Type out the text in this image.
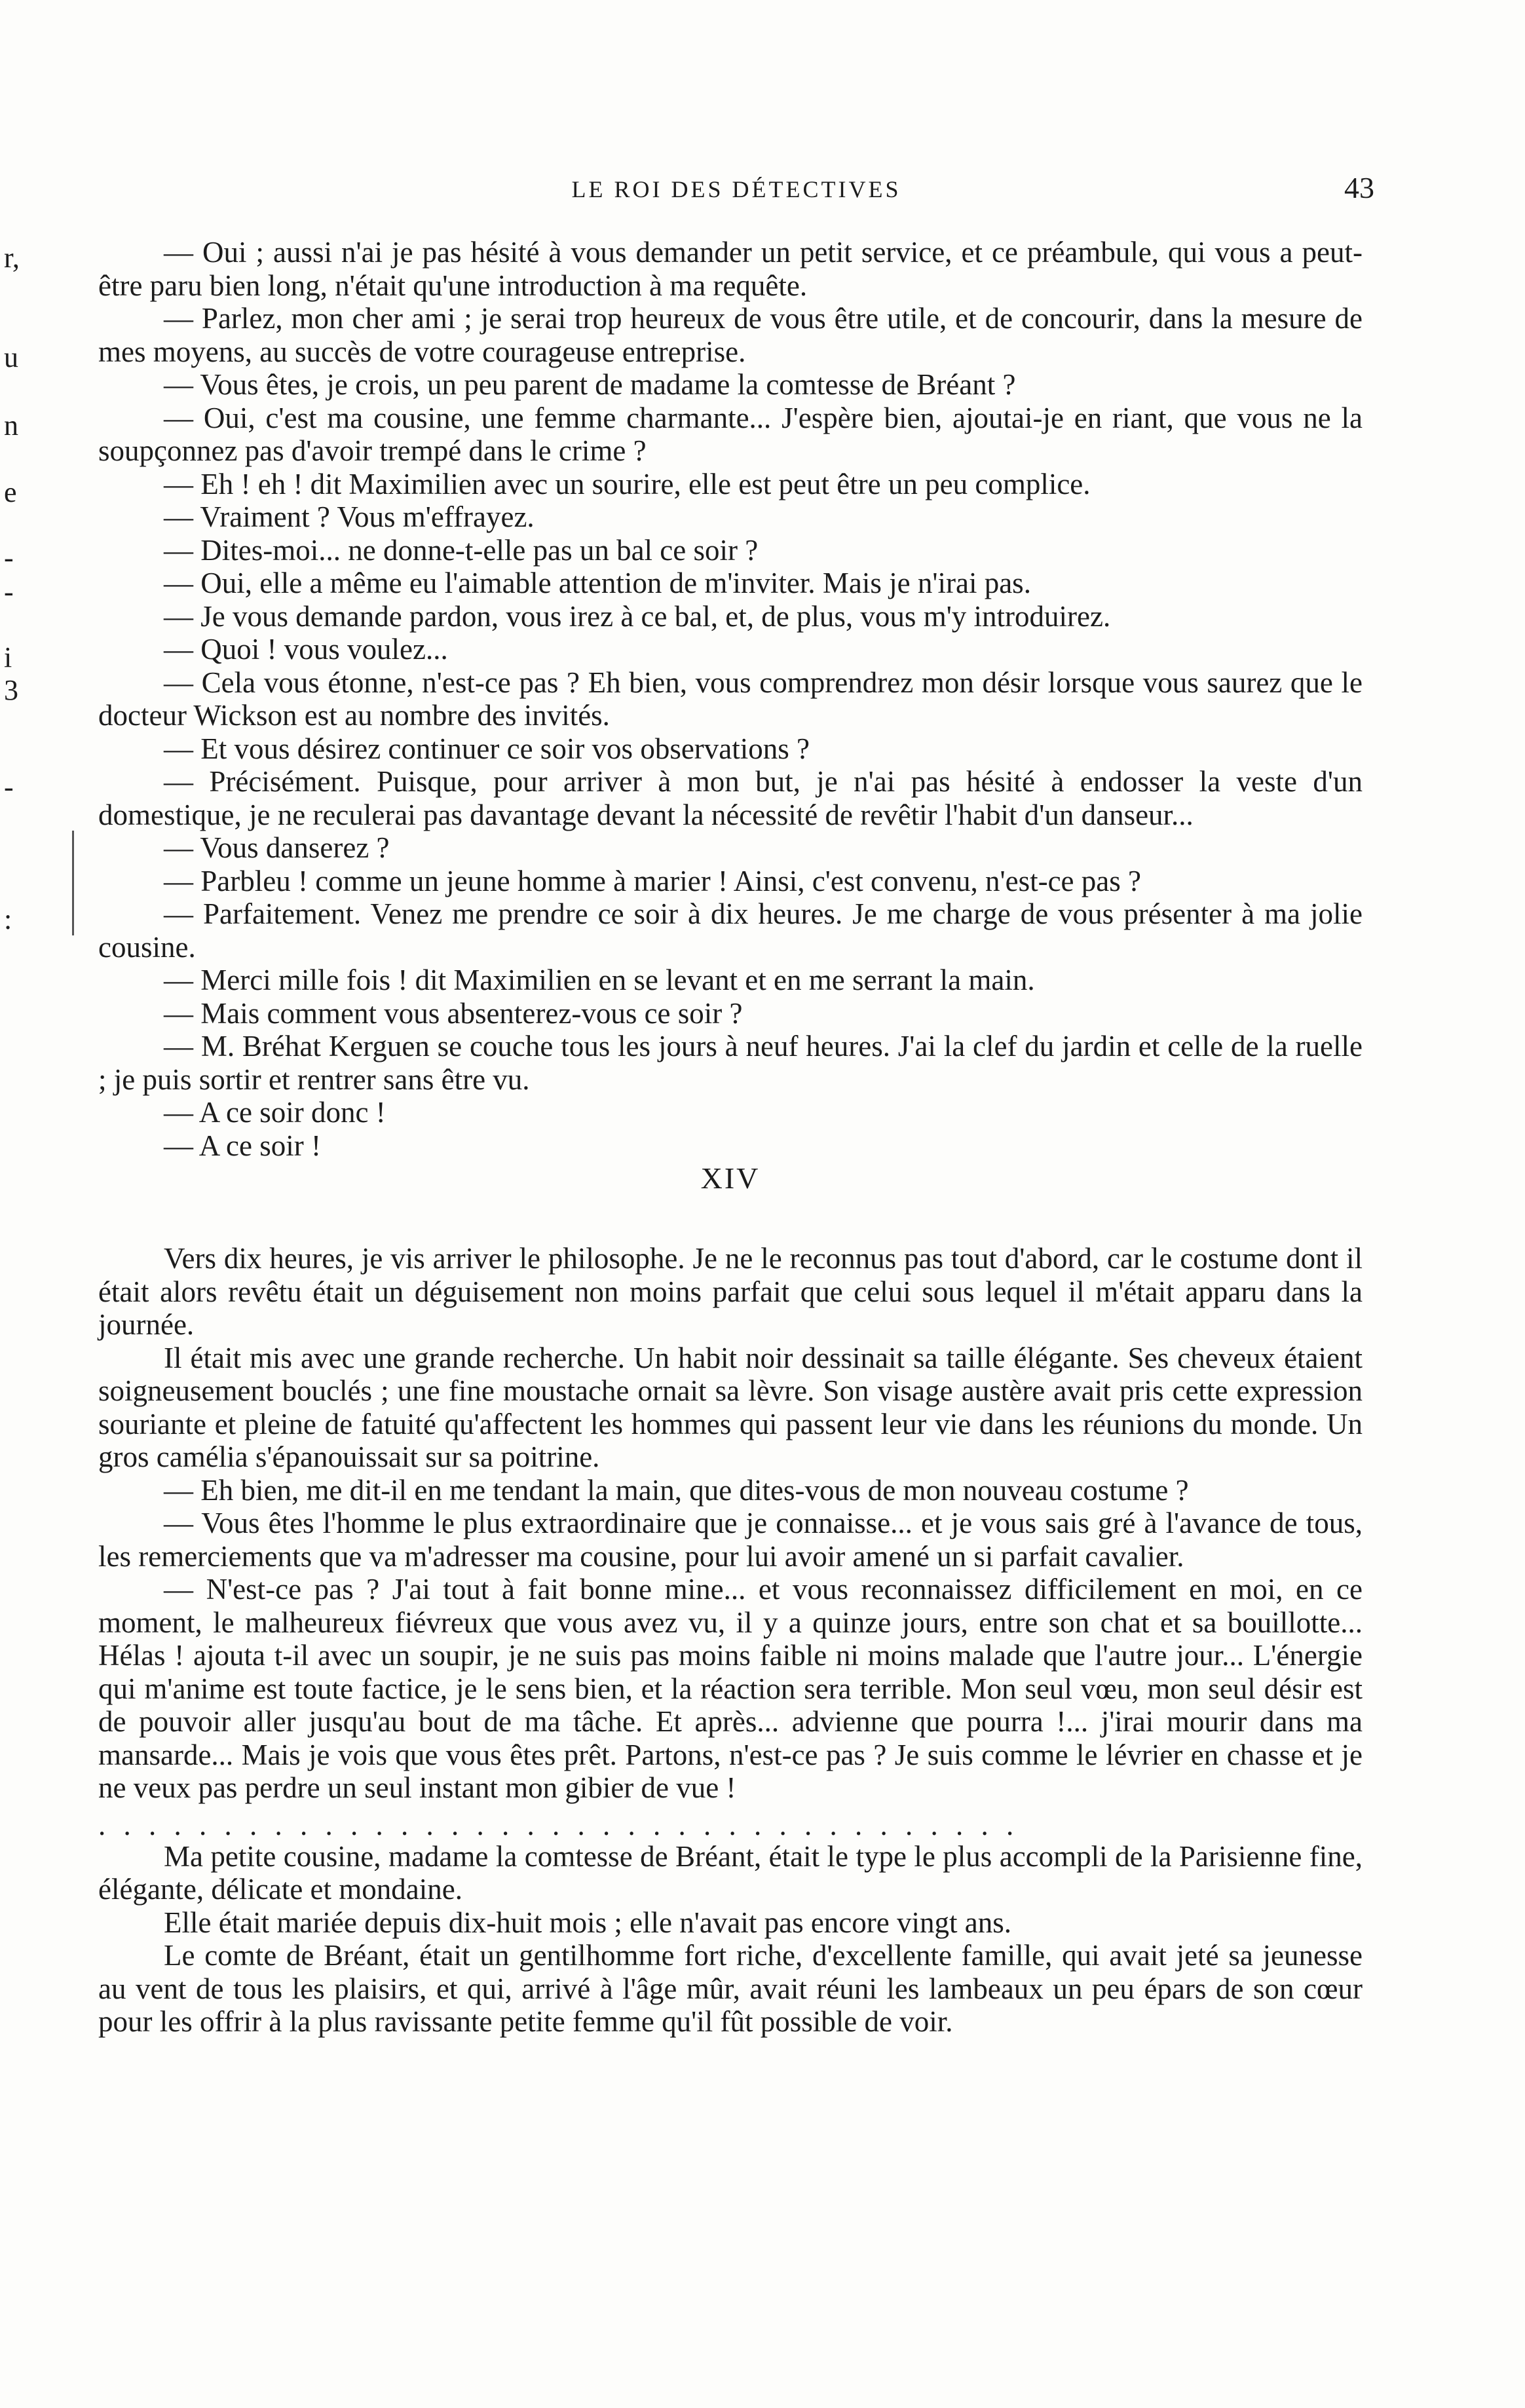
LE ROI DES DÉTECTIVES	43
r,
u
n
e
-
-
i
3
-
:

— Oui ; aussi n'ai je pas hésité à vous demander un petit service, et ce préambule, qui vous a peut-être paru bien long, n'était qu'une introduction à ma requête.

— Parlez, mon cher ami ; je serai trop heureux de vous être utile, et de concourir, dans la mesure de mes moyens, au succès de votre courageuse entreprise.

— Vous êtes, je crois, un peu parent de madame la comtesse de Bréant ?

— Oui, c'est ma cousine, une femme charmante... J'espère bien, ajoutai-je en riant, que vous ne la soupçonnez pas d'avoir trempé dans le crime ?

— Eh ! eh ! dit Maximilien avec un sourire, elle est peut être un peu complice.

— Vraiment ? Vous m'effrayez.

— Dites-moi... ne donne-t-elle pas un bal ce soir ?

— Oui, elle a même eu l'aimable attention de m'inviter. Mais je n'irai pas.

— Je vous demande pardon, vous irez à ce bal, et, de plus, vous m'y introduirez.

— Quoi ! vous voulez...

— Cela vous étonne, n'est-ce pas ? Eh bien, vous comprendrez mon désir lorsque vous saurez que le docteur Wickson est au nombre des invités.

— Et vous désirez continuer ce soir vos observations ?

— Précisément. Puisque, pour arriver à mon but, je n'ai pas hésité à endosser la veste d'un domestique, je ne reculerai pas davantage devant la nécessité de revêtir l'habit d'un danseur...

— Vous danserez ?

— Parbleu ! comme un jeune homme à marier ! Ainsi, c'est convenu, n'est-ce pas ?

— Parfaitement. Venez me prendre ce soir à dix heures. Je me charge de vous présenter à ma jolie cousine.

— Merci mille fois ! dit Maximilien en se levant et en me serrant la main.

— Mais comment vous absenterez-vous ce soir ?

— M. Bréhat Kerguen se couche tous les jours à neuf heures. J'ai la clef du jardin et celle de la ruelle ; je puis sortir et rentrer sans être vu.

— A ce soir donc !

— A ce soir !

XIV

Vers dix heures, je vis arriver le philosophe. Je ne le reconnus pas tout d'abord, car le costume dont il était alors revêtu était un déguisement non moins parfait que celui sous lequel il m'était apparu dans la journée.

Il était mis avec une grande recherche. Un habit noir dessinait sa taille élégante. Ses cheveux étaient soigneusement bouclés ; une fine moustache ornait sa lèvre. Son visage austère avait pris cette expression souriante et pleine de fatuité qu'affectent les hommes qui passent leur vie dans les réunions du monde. Un gros camélia s'épanouissait sur sa poitrine.

— Eh bien, me dit-il en me tendant la main, que dites-vous de mon nouveau costume ?

— Vous êtes l'homme le plus extraordinaire que je connaisse... et je vous sais gré à l'avance de tous, les remerciements que va m'adresser ma cousine, pour lui avoir amené un si parfait cavalier.

— N'est-ce pas ? J'ai tout à fait bonne mine... et vous reconnaissez difficilement en moi, en ce moment, le malheureux fiévreux que vous avez vu, il y a quinze jours, entre son chat et sa bouillotte... Hélas ! ajouta t-il avec un soupir, je ne suis pas moins faible ni moins malade que l'autre jour... L'énergie qui m'anime est toute factice, je le sens bien, et la réaction sera terrible. Mon seul vœu, mon seul désir est de pouvoir aller jusqu'au bout de ma tâche. Et après... advienne que pourra !... j'irai mourir dans ma mansarde... Mais je vois que vous êtes prêt. Partons, n'est-ce pas ? Je suis comme le lévrier en chasse et je ne veux pas perdre un seul instant mon gibier de vue !

. . . . . . . . . . . . . . . . . . . . . . . . . . . . . . . . . . . . .

Ma petite cousine, madame la comtesse de Bréant, était le type le plus accompli de la Parisienne fine, élégante, délicate et mondaine.

Elle était mariée depuis dix-huit mois ; elle n'avait pas encore vingt ans.

Le comte de Bréant, était un gentilhomme fort riche, d'excellente famille, qui avait jeté sa jeunesse au vent de tous les plaisirs, et qui, arrivé à l'âge mûr, avait réuni les lambeaux un peu épars de son cœur pour les offrir à la plus ravissante petite femme qu'il fût possible de voir.
